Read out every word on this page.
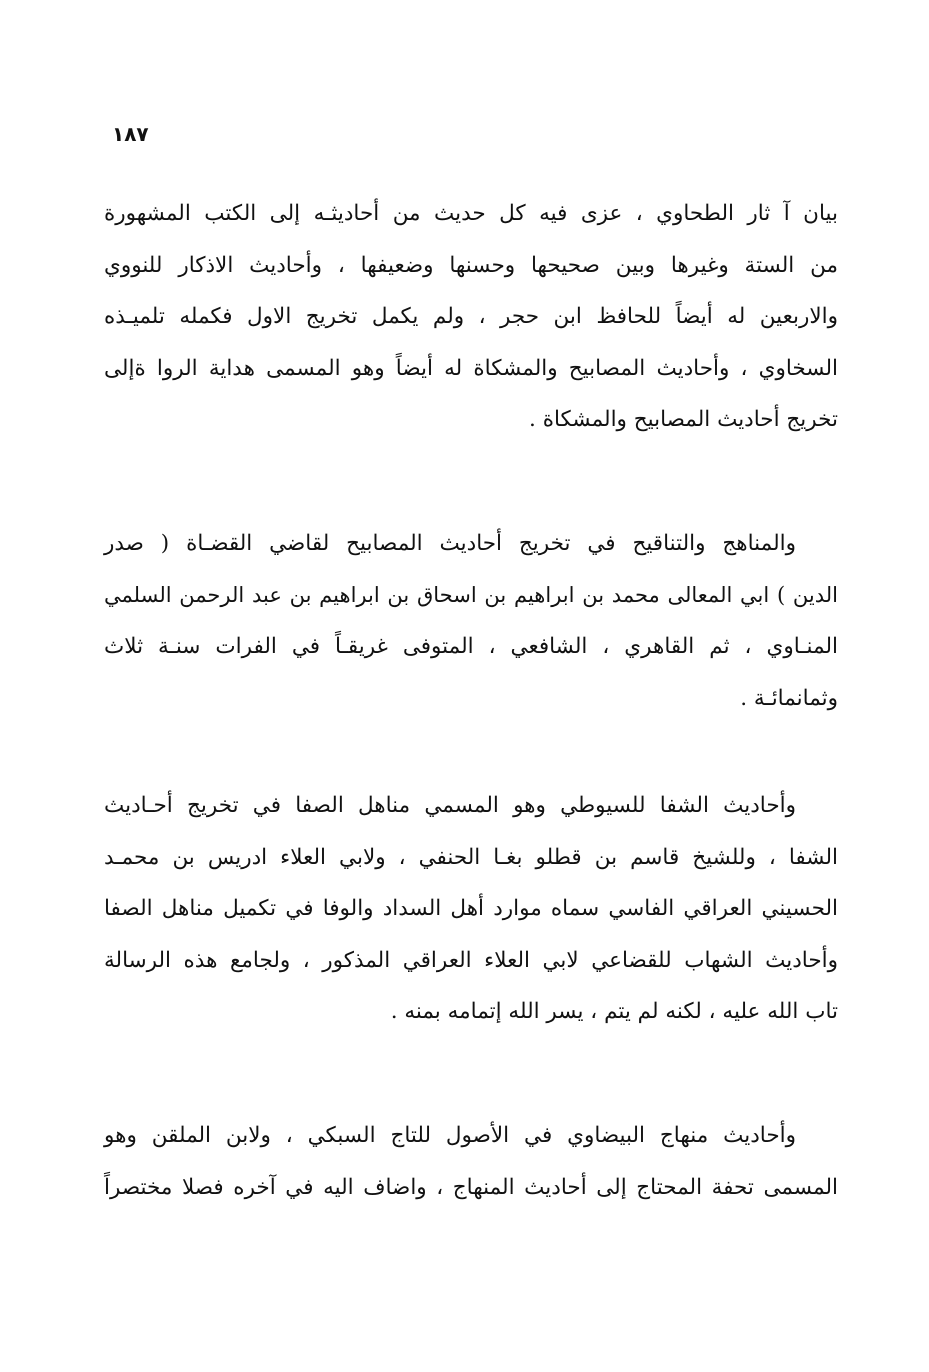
١٨٧

بيان آ ثار الطحاوي ، عزى فيه كل حديث من أحاديثـه إلى الكتب المشهورة
من الستة وغيرها وبين صحيحها وحسنها وضعيفها ، وأحاديث الاذكار للنووي
والاربعين له أيضاً للحافظ ابن حجر ، ولم يكمل تخريج الاول فكمله تلميـذه
السخاوي ، وأحاديث المصابيح والمشكاة له أيضاً وهو المسمى هداية الروا ةإلى
تخريج أحاديث المصابيح والمشكاة .

والمناهج والتناقيح في تخريج أحاديث المصابيح لقاضي القضـاة ( صدر
الدين ) ابي المعالى محمد بن ابراهيم بن اسحاق بن ابراهيم بن عبد الرحمن السلمي
المنـاوي ، ثم القاهري ، الشافعي ، المتوفى غريقـاً في الفرات سنـة ثلاث
وثمانمائـة .

وأحاديث الشفا للسيوطي وهو المسمي مناهل الصفا في تخريج أحـاديث
الشفا ، وللشيخ قاسم بن قطلو بغـا الحنفي ، ولابي العلاء ادريس بن محمـد
الحسيني العراقي الفاسي سماه موارد أهل السداد والوفا في تكميل مناهل الصفا
وأحاديث الشهاب للقضاعي لابي العلاء العراقي المذكور ، ولجامع هذه الرسالة
تاب الله عليه ، لكنه لم يتم ، يسر الله إتمامه بمنه .

وأحاديث منهاج البيضاوي في الأصول للتاج السبكي ، ولابن الملقن وهو
المسمى تحفة المحتاج إلى أحاديث المنهاج ، واضاف اليه في آخره فصلا مختصراً
